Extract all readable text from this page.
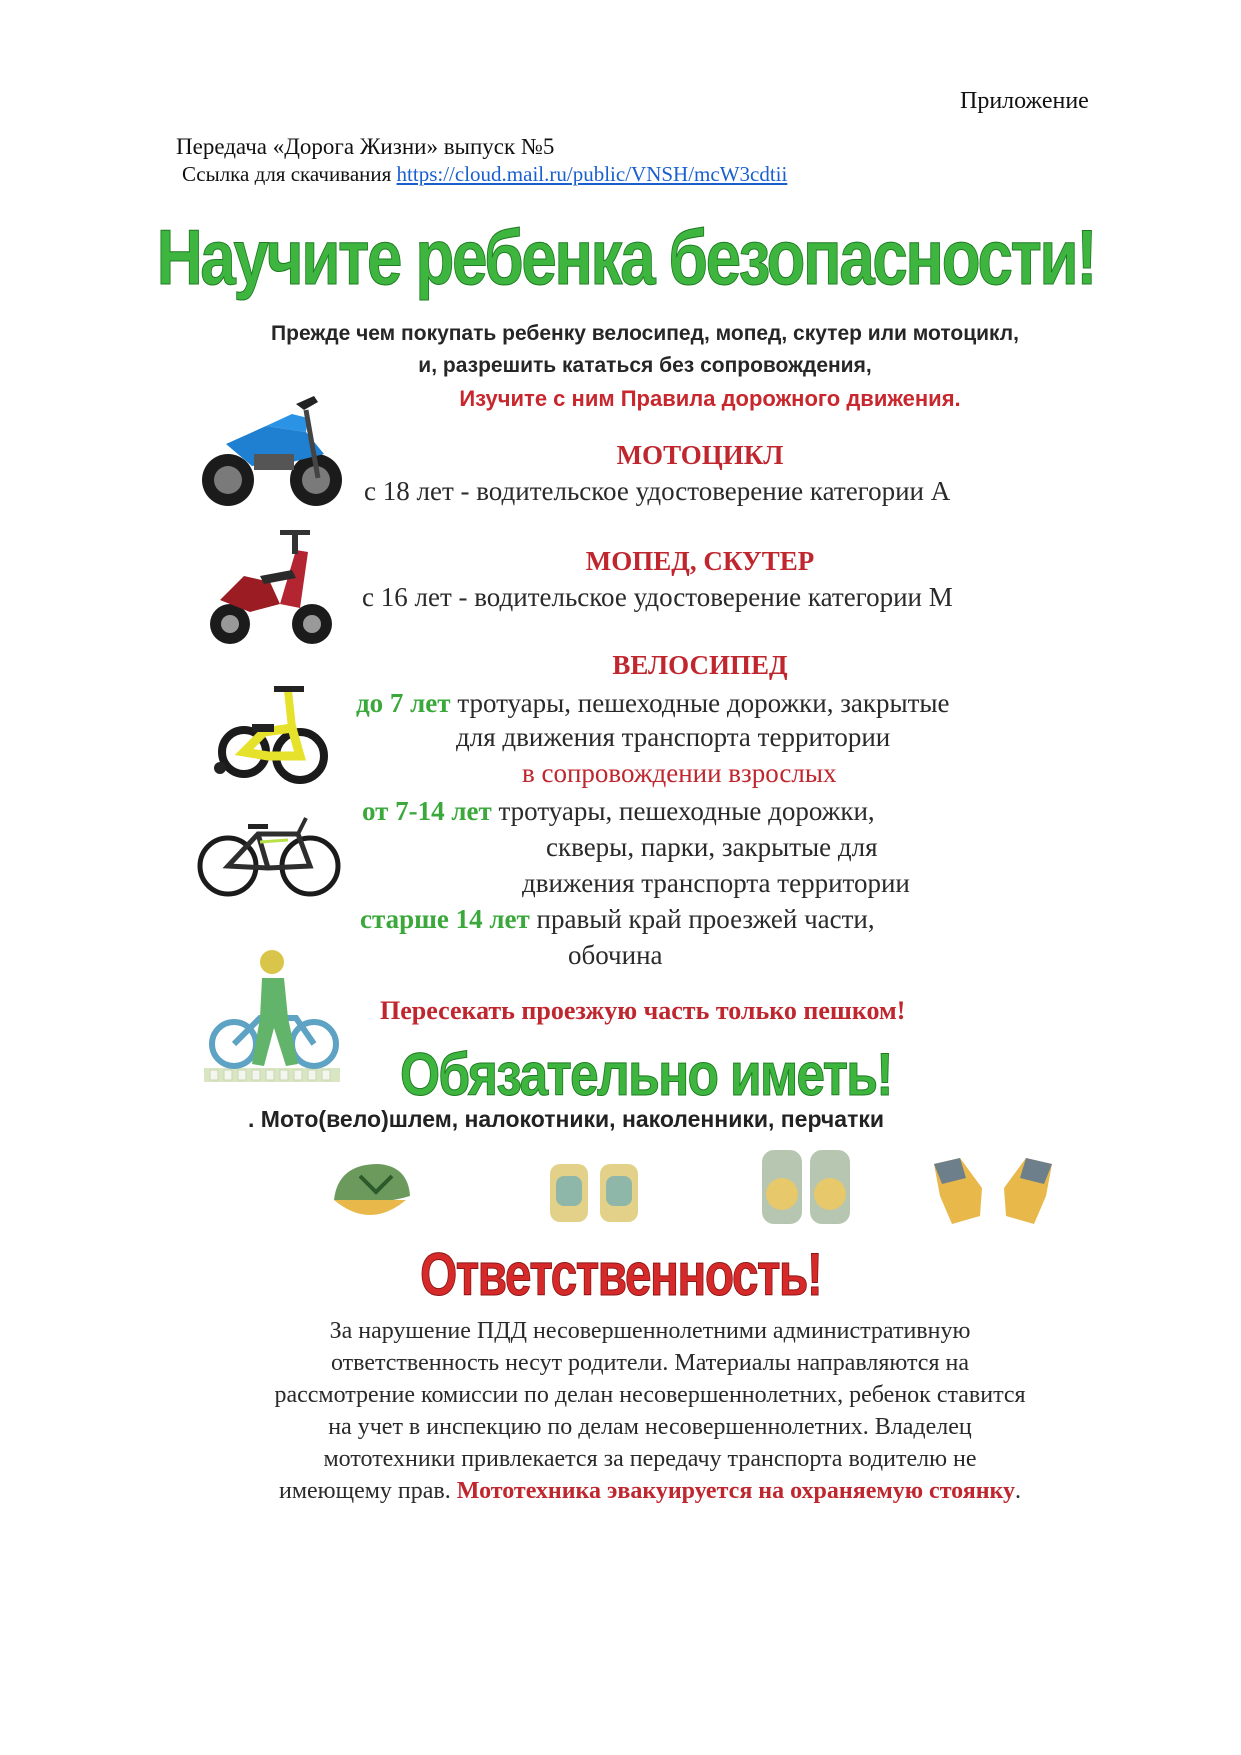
Приложение
Передача «Дорога Жизни» выпуск №5
Ссылка для скачивания https://cloud.mail.ru/public/VNSH/mcW3cdtii
Научите ребенка безопасности!
Прежде чем покупать ребенку велосипед, мопед, скутер или мотоцикл,
и, разрешить кататься без сопровождения,
Изучите с ним Правила дорожного движения.
МОТОЦИКЛ
с 18 лет - водительское удостоверение категории А
МОПЕД, СКУТЕР
с 16 лет - водительское удостоверение категории М
ВЕЛОСИПЕД
до 7 лет тротуары, пешеходные дорожки, закрытые
для движения транспорта территории
в сопровождении взрослых
от 7-14 лет тротуары, пешеходные дорожки,
скверы, парки, закрытые для
движения транспорта территории
старше 14 лет правый край проезжей части,
обочина
Пересекать проезжую часть только пешком!
Обязательно иметь!
. Мото(вело)шлем, налокотники, наколенники, перчатки
Ответственность!
За нарушение ПДД несовершеннолетними административную
ответственность несут родители. Материалы направляются на
рассмотрение комиссии по делан несовершеннолетних, ребенок ставится
на учет в инспекцию по делам несовершеннолетних. Владелец
мототехники привлекается за передачу транспорта водителю не
имеющему прав. Мототехника эвакуируется на охраняемую стоянку.
